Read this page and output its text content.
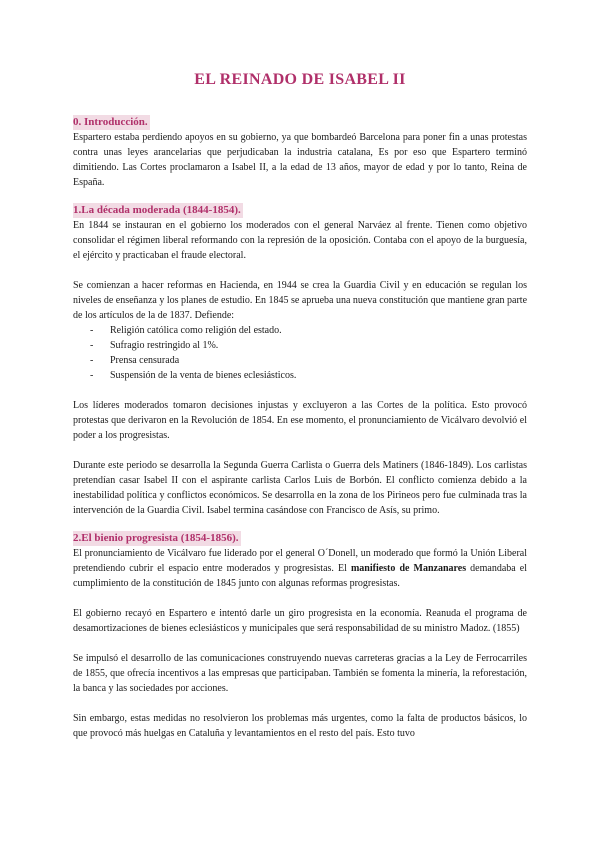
EL REINADO DE ISABEL II
0. Introducción.

Espartero estaba perdiendo apoyos en su gobierno, ya que bombardeó Barcelona para poner fin a unas protestas contra unas leyes arancelarias que perjudicaban la industria catalana, Es por eso que Espartero terminó dimitiendo. Las Cortes proclamaron a Isabel II, a la edad de 13 años, mayor de edad y por lo tanto, Reina de España.

1.La década moderada (1844-1854).

En 1844 se instauran en el gobierno los moderados con el general Narváez al frente. Tienen como objetivo consolidar el régimen liberal reformando con la represión de la oposición. Contaba con el apoyo de la burguesía, el ejército y practicaban el fraude electoral.

Se comienzan a hacer reformas en Hacienda, en 1944 se crea la Guardia Civil y en educación se regulan los niveles de enseñanza y los planes de estudio. En 1845 se aprueba una nueva constitución que mantiene gran parte de los artículos de la de 1837. Defiende:

- Religión católica como religión del estado.
- Sufragio restringido al 1%.
- Prensa censurada
- Suspensión de la venta de bienes eclesiásticos.

Los líderes moderados tomaron decisiones injustas y excluyeron a las Cortes de la política. Esto provocó protestas que derivaron en la Revolución de 1854. En ese momento, el pronunciamiento de Vicálvaro devolvió el poder a los progresistas.

Durante este periodo se desarrolla la Segunda Guerra Carlista o Guerra dels Matiners (1846-1849). Los carlistas pretendían casar Isabel II con el aspirante carlista Carlos Luis de Borbón. El conflicto comienza debido a la inestabilidad política y conflictos económicos. Se desarrolla en la zona de los Pirineos pero fue culminada tras la intervención de la Guardia Civil. Isabel termina casándose con Francisco de Asís, su primo.

2.El bienio progresista (1854-1856).

El pronunciamiento de Vicálvaro fue liderado por el general O´Donell, un moderado que formó la Unión Liberal pretendiendo cubrir el espacio entre moderados y progresistas. El manifiesto de Manzanares demandaba el cumplimiento de la constitución de 1845 junto con algunas reformas progresistas.

El gobierno recayó en Espartero e intentó darle un giro progresista en la economía. Reanuda el programa de desamortizaciones de bienes eclesiásticos y municipales que será responsabilidad de su ministro Madoz. (1855)

Se impulsó el desarrollo de las comunicaciones construyendo nuevas carreteras gracias a la Ley de Ferrocarriles de 1855, que ofrecía incentivos a las empresas que participaban. También se fomenta la minería, la reforestación, la banca y las sociedades por acciones.

Sin embargo, estas medidas no resolvieron los problemas más urgentes, como la falta de productos básicos, lo que provocó más huelgas en Cataluña y levantamientos en el resto del país. Esto tuvo
